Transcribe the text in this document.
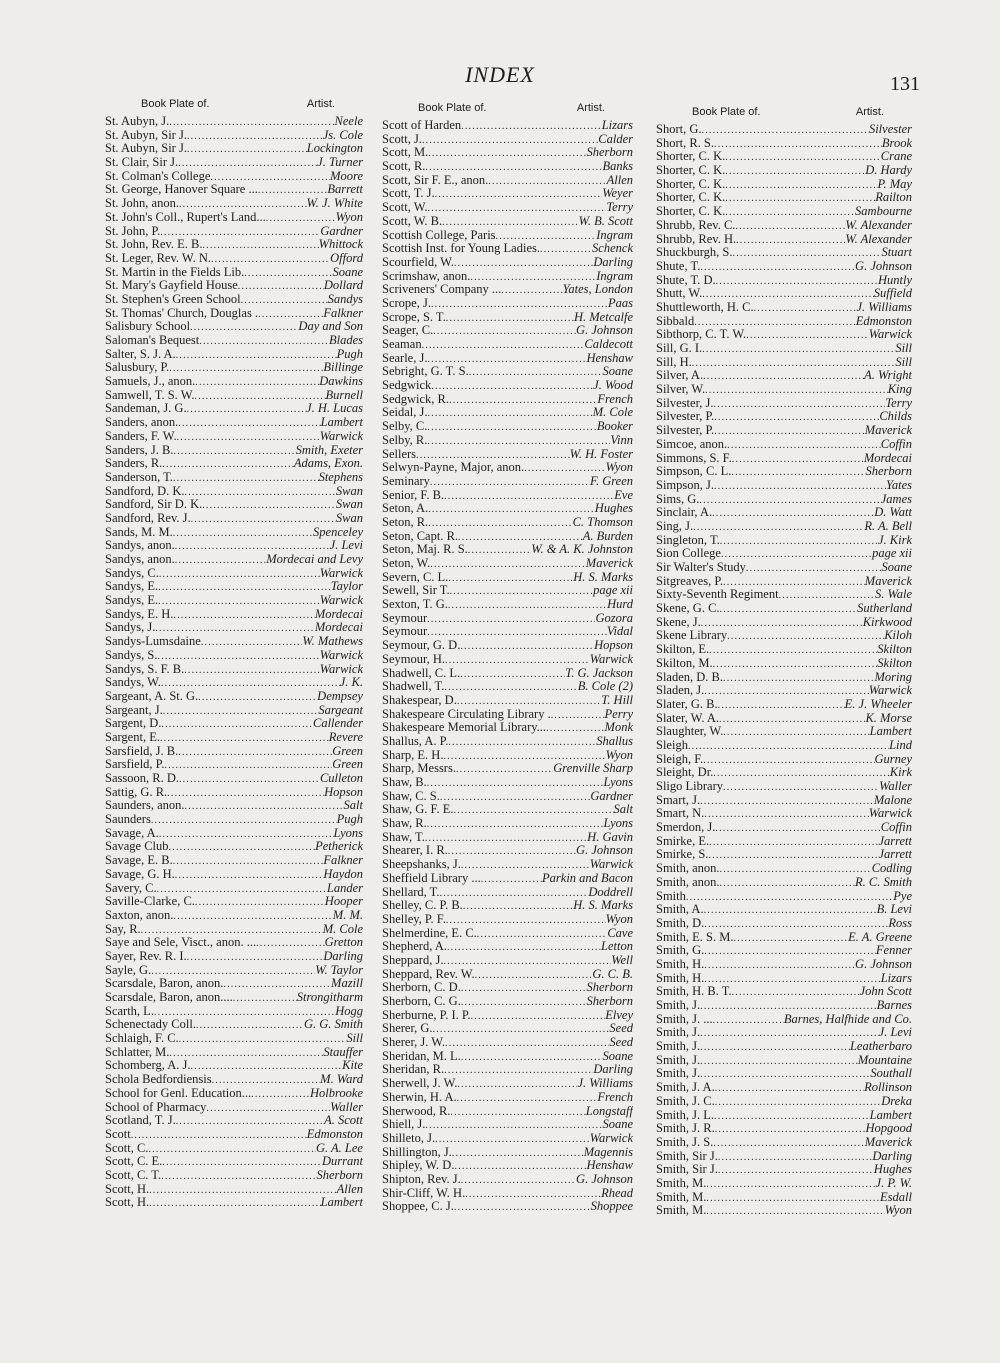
INDEX	131
Book Plate of.	Artist.
St. Aubyn, J. .....	Neele
St. Aubyn, Sir J. .....	Js. Cole
St. Aubyn, Sir J. .....	Lockington
St. Clair, Sir J. .....	J. Turner
St. Colman's College .....	Moore
St. George, Hanover Square ... .....	Barrett
St. John, anon. .....	W. J. White
St. John's Coll., Rupert's Land... .....	Wyon
St. John, P. .....	Gardner
St. John, Rev. E. B. .....	Whittock
St. Leger, Rev. W. N. .....	Offord
St. Martin in the Fields Lib. .....	Soane
St. Mary's Gayfield House .....	Dollard
St. Stephen's Green School .....	Sandys
St. Thomas' Church, Douglas . .....	Falkner
Salisbury School .....	Day and Son
Saloman's Bequest .....	Blades
Salter, S. J. A. .....	Pugh
Salusbury, P. .....	Billinge
Samuels, J., anon. .....	Dawkins
Samwell, T. S. W. .....	Burnell
Sandeman, J. G. .....	J. H. Lucas
Sanders, anon. .....	Lambert
Sanders, F. W. .....	Warwick
Sanders, J. B. .....	Smith, Exeter
Sanders, R. .....	Adams, Exon.
Sanderson, T. .....	Stephens
Sandford, D. K. .....	Swan
Sandford, Sir D. K. .....	Swan
Sandford, Rev. J. .....	Swan
Sands, M. M. .....	Spenceley
Sandys, anon. .....	J. Levi
Sandys, anon. .....	Mordecai and Levy
Sandys, C. .....	Warwick
Sandys, E. .....	Taylor
Sandys, E. .....	Warwick
Sandys, E. H. .....	Mordecai
Sandys, J. .....	Mordecai
Sandys-Lumsdaine .....	W. Mathews
Sandys, S. .....	Warwick
Sandys, S. F. B. .....	Warwick
Sandys, W. .....	J. K.
Sargeant, A. St. G. .....	Dempsey
Sargeant, J. .....	Sargeant
Sargent, D. .....	Callender
Sargent, E. .....	Revere
Sarsfield, J. B. .....	Green
Sarsfield, P. .....	Green
Sassoon, R. D. .....	Culleton
Sattig, G. R. .....	Hopson
Saunders, anon. .....	Salt
Saunders .....	Pugh
Savage, A. .....	Lyons
Savage Club .....	Petherick
Savage, E. B. .....	Falkner
Savage, G. H. .....	Haydon
Savery, C. .....	Lander
Saville-Clarke, C. .....	Hooper
Saxton, anon. .....	M. M.
Say, R. .....	M. Cole
Saye and Sele, Visct., anon. ... .....	Gretton
Sayer, Rev. R. I. .....	Darling
Sayle, G. .....	W. Taylor
Scarsdale, Baron, anon. .....	Mazill
Scarsdale, Baron, anon.... .....	Strongitharm
Scarth, L. .....	Hogg
Schenectady Coll. .....	G. G. Smith
Schlaigh, F. C. .....	Sill
Schlatter, M. .....	Stauffer
Schomberg, A. J. .....	Kite
Schola Bedfordiensis .....	M. Ward
School for Genl. Education... .....	Holbrooke
School of Pharmacy .....	Waller
Scotland, T. J. .....	A. Scott
Scott .....	Edmonston
Scott, C. .....	G. A. Lee
Scott, C. E. .....	Durrant
Scott, C. T. .....	Sherborn
Scott, H. .....	Allen
Scott, H. .....	Lambert
Book Plate of.	Artist.
Scott of Harden .....	Lizars
Scott, J. .....	Calder
Scott, M. .....	Sherborn
Scott, R. .....	Banks
Scott, Sir F. E., anon. .....	Allen
Scott, T. J. .....	Weyer
Scott, W. .....	Terry
Scott, W. B. .....	W. B. Scott
Scottish College, Paris .....	Ingram
Scottish Inst. for Young Ladies. .....	Schenck
Scourfield, W. .....	Darling
Scrimshaw, anon. .....	Ingram
Scriveners' Company ... .....	Yates, London
Scrope, J. .....	Paas
Scrope, S. T. .....	H. Metcalfe
Seager, C. .....	G. Johnson
Seaman .....	Caldecott
Searle, J. .....	Henshaw
Sebright, G. T. S. .....	Soane
Sedgwick .....	J. Wood
Sedgwick, R. .....	French
Seidal, J. .....	M. Cole
Selby, C. .....	Booker
Selby, R. .....	Vinn
Sellers .....	W. H. Foster
Selwyn-Payne, Major, anon. .....	Wyon
Seminary .....	F. Green
Senior, F. B. .....	Eve
Seton, A. .....	Hughes
Seton, R. .....	C. Thomson
Seton, Capt. R. .....	A. Burden
Seton, Maj. R. S. .....	W. & A. K. Johnston
Seton, W. .....	Maverick
Severn, C. L. .....	H. S. Marks
Sewell, Sir T. .....	page xii
Sexton, T. G. .....	Hurd
Seymour .....	Gozora
Seymour .....	Vidal
Seymour, G. D. .....	Hopson
Seymour, H. .....	Warwick
Shadwell, C. L. .....	T. G. Jackson
Shadwell, T. .....	B. Cole (2)
Shakespear, D. .....	T. Hill
Shakespeare Circulating Library . .....	Perry
Shakespeare Memorial Library... .....	Monk
Shallus, A. P. .....	Shallus
Sharp, E. H. .....	Wyon
Sharp, Messrs. .....	Grenville Sharp
Shaw, B. .....	Lyons
Shaw, C. S. .....	Gardner
Shaw, G. F. E. .....	Salt
Shaw, R. .....	Lyons
Shaw, T. .....	H. Gavin
Shearer, I. R. .....	G. Johnson
Sheepshanks, J. .....	Warwick
Sheffield Library ... .....	Parkin and Bacon
Shellard, T. .....	Doddrell
Shelley, C. P. B. .....	H. S. Marks
Shelley, P. F. .....	Wyon
Shelmerdine, E. C. .....	Cave
Shepherd, A. .....	Letton
Sheppard, J. .....	Well
Sheppard, Rev. W. .....	G. C. B.
Sherborn, C. D. .....	Sherborn
Sherborn, C. G. .....	Sherborn
Sherburne, P. I. P. .....	Elvey
Sherer, G. .....	Seed
Sherer, J. W. .....	Seed
Sheridan, M. L. .....	Soane
Sheridan, R. .....	Darling
Sherwell, J. W. .....	J. Williams
Sherwin, H. A. .....	French
Sherwood, R. .....	Longstaff
Shiell, J. .....	Soane
Shilleto, J. .....	Warwick
Shillington, J. .....	Magennis
Shipley, W. D. .....	Henshaw
Shipton, Rev. J. .....	G. Johnson
Shir-Cliff, W. H. .....	Rhead
Shoppee, C. J. .....	Shoppee
Book Plate of.	Artist.
Short, G. .....	Silvester
Short, R. S. .....	Brook
Shorter, C. K. .....	Crane
Shorter, C. K. .....	D. Hardy
Shorter, C. K. .....	P. May
Shorter, C. K. .....	Railton
Shorter, C. K. .....	Sambourne
Shrubb, Rev. C. .....	W. Alexander
Shrubb, Rev. H. .....	W. Alexander
Shuckburgh, S. .....	Stuart
Shute, T. .....	G. Johnson
Shute, T. D. .....	Huntly
Shutt, W. .....	Suffield
Shuttleworth, H. C. .....	J. Williams
Sibbald .....	Edmonston
Sibthorp, C. T. W. .....	Warwick
Sill, G. I. .....	Sill
Sill, H. .....	Sill
Silver, A. .....	A. Wright
Silver, W. .....	King
Silvester, J. .....	Terry
Silvester, P. .....	Childs
Silvester, P. .....	Maverick
Simcoe, anon. .....	Coffin
Simmons, S. F. .....	Mordecai
Simpson, C. L. .....	Sherborn
Simpson, J. .....	Yates
Sims, G. .....	James
Sinclair, A. .....	D. Watt
Sing, J. .....	R. A. Bell
Singleton, T. .....	J. Kirk
Sion College .....	page xii
Sir Walter's Study .....	Soane
Sitgreaves, P. .....	Maverick
Sixty-Seventh Regiment .....	S. Wale
Skene, G. C. .....	Sutherland
Skene, J. .....	Kirkwood
Skene Library .....	Kiloh
Skilton, E. .....	Skilton
Skilton, M. .....	Skilton
Sladen, D. B. .....	Moring
Sladen, J. .....	Warwick
Slater, G. B. .....	E. J. Wheeler
Slater, W. A. .....	K. Morse
Slaughter, W. .....	Lambert
Sleigh .....	Lind
Sleigh, F. .....	Gurney
Sleight, Dr. .....	Kirk
Sligo Library .....	Waller
Smart, J. .....	Malone
Smart, N. .....	Warwick
Smerdon, J. .....	Coffin
Smirke, E. .....	Jarrett
Smirke, S. .....	Jarrett
Smith, anon. .....	Codling
Smith, anon. .....	R. C. Smith
Smith .....	Pye
Smith, A. .....	B. Levi
Smith, D. .....	Ross
Smith, E. S. M. .....	E. A. Greene
Smith, G. .....	Fenner
Smith, H. .....	G. Johnson
Smith, H. .....	Lizars
Smith, H. B. T. .....	John Scott
Smith, J. .....	Barnes
Smith, J. ... .....	Barnes, Halfhide and Co.
Smith, J. .....	J. Levi
Smith, J. .....	Leatherbaro
Smith, J. .....	Mountaine
Smith, J. .....	Southall
Smith, J. A. .....	Rollinson
Smith, J. C. .....	Dreka
Smith, J. L. .....	Lambert
Smith, J. R. .....	Hopgood
Smith, J. S. .....	Maverick
Smith, Sir J. .....	Darling
Smith, Sir J. .....	Hughes
Smith, M. .....	J. P. W.
Smith, M. .....	Esdall
Smith, M. .....	Wyon
